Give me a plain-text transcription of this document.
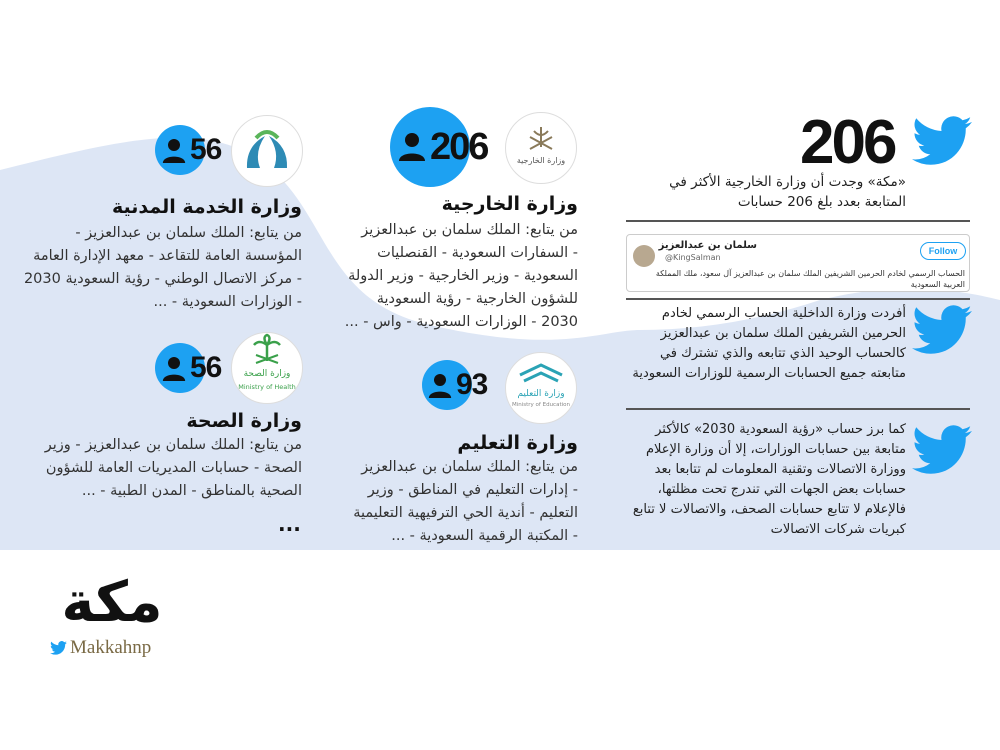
206
«مكة» وجدت أن وزارة الخارجية الأكثر في المتابعة بعدد بلغ 206 حسابات
Follow
سلمان بن عبدالعزيز
@KingSalman
الحساب الرسمي لخادم الحرمين الشريفين الملك سلمان بن عبدالعزيز آل سعود، ملك المملكة العربية السعودية
أفردت وزارة الداخلية الحساب الرسمي لخادم الحرمين الشريفين الملك سلمان بن عبدالعزيز كالحساب الوحيد الذي تتابعه والذي تشترك في متابعته جميع الحسابات الرسمية للوزارات السعودية
كما برز حساب «رؤية السعودية 2030» كالأكثر متابعة بين حسابات الوزارات، إلا أن وزارة الإعلام ووزارة الاتصالات وتقنية المعلومات لم تتابعا بعد حسابات بعض الجهات التي تندرج تحت مظلتها، فالإعلام لا تتابع حسابات الصحف، والاتصالات لا تتابع كبريات شركات الاتصالات
وزارة الخارجية
206
وزارة الخارجية
من يتابع: الملك سلمان بن عبدالعزيز
- السفارات السعودية - القنصليات
السعودية - وزير الخارجية - وزير الدولة
للشؤون الخارجية - رؤية السعودية
2030 - الوزارات السعودية - واس - ...
56
وزارة الخدمة المدنية
من يتابع: الملك سلمان بن عبدالعزيز -
المؤسسة العامة للتقاعد - معهد الإدارة العامة
- مركز الاتصال الوطني - رؤية السعودية 2030
- الوزارات السعودية - ...
وزارة التعليم
Ministry of Education
93
وزارة التعليم
من يتابع: الملك سلمان بن عبدالعزيز
- إدارات التعليم في المناطق - وزير
التعليم - أندية الحي الترفيهية التعليمية
- المكتبة الرقمية السعودية - ...
وزارة الصحة
Ministry of Health
56
وزارة الصحة
من يتابع: الملك سلمان بن عبدالعزيز - وزير
الصحة - حسابات المديريات العامة للشؤون
الصحية بالمناطق - المدن الطبية - ...
...
مكة
Makkahnp
